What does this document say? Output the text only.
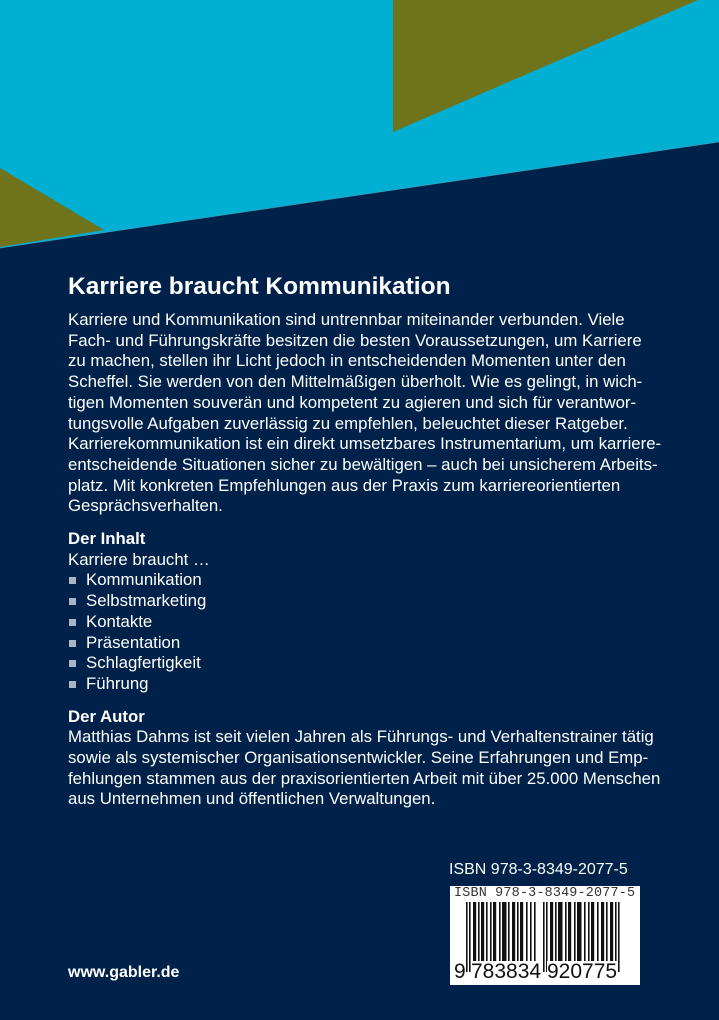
Karriere braucht Kommunikation

Karriere und Kommunikation sind untrennbar miteinander verbunden. Viele

Fach- und Führungskräfte besitzen die besten Voraussetzungen, um Karriere

zu machen, stellen ihr Licht jedoch in entscheidenden Momenten unter den

Scheffel. Sie werden von den Mittelmäßigen überholt. Wie es gelingt, in wich-

tigen Momenten souverän und kompetent zu agieren und sich für verantwor-

tungsvolle Aufgaben zuverlässig zu empfehlen, beleuchtet dieser Ratgeber.

Karrierekommunikation ist ein direkt umsetzbares Instrumentarium, um karriere-

entscheidende Situationen sicher zu bewältigen – auch bei unsicherem Arbeits-

platz. Mit konkreten Empfehlungen aus der Praxis zum karriereorientierten

Gesprächsverhalten.

Der Inhalt

Karriere braucht …

Kommunikation
Selbstmarketing
Kontakte
Präsentation
Schlagfertigkeit
Führung
Der Autor

Matthias Dahms ist seit vielen Jahren als Führungs- und Verhaltenstrainer tätig

sowie als systemischer Organisationsentwickler. Seine Erfahrungen und Emp-

fehlungen stammen aus der praxisorientierten Arbeit mit über 25.000 Menschen

aus Unternehmen und öffentlichen Verwaltungen.

ISBN 978-3-8349-2077-5
ISBN 978-3-8349-2077-5
9 783834 920775
www.gabler.de
